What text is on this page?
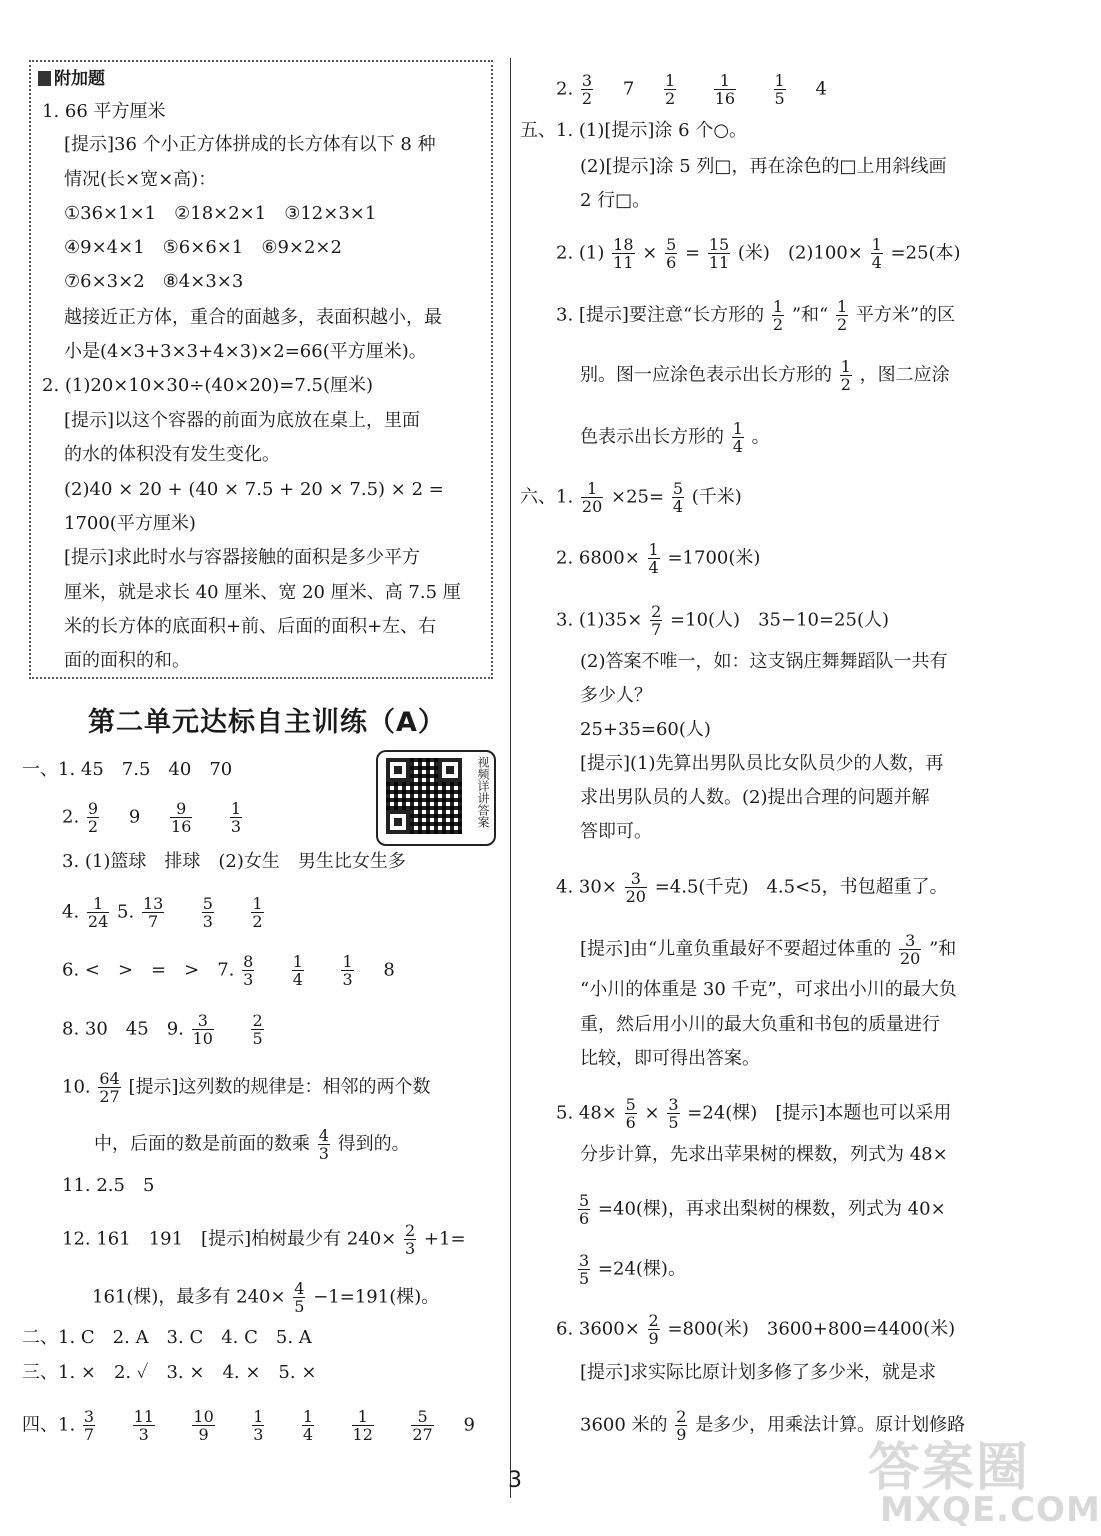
附加题
1. 66 平方厘米
[提示]36 个小正方体拼成的长方体有以下 8 种
情况(长×宽×高)：
①36×1×1　②18×2×1　③12×3×1
④9×4×1　⑤6×6×1　⑥9×2×2
⑦6×3×2　⑧4×3×3
越接近正方体，重合的面越多，表面积越小，最
小是(4×3+3×3+4×3)×2=66(平方厘米)。
2. (1)20×10×30÷(40×20)=7.5(厘米)
[提示]以这个容器的前面为底放在桌上，里面
的水的体积没有发生变化。
(2)40 × 20 + (40 × 7.5 + 20 × 7.5) × 2 =
1700(平方厘米)
[提示]求此时水与容器接触的面积是多少平方
厘米，就是求长 40 厘米、宽 20 厘米、高 7.5 厘
米的长方体的底面积+前、后面的面积+左、右
面的面积的和。
第二单元达标自主训练（A）
视频详讲答案
一、1. 45　7.5　40　70
2. $\frac{9}{2} 9 \frac{9}{16}$
$\frac{1}{3}$
3. (1)篮球　排球　(2)女生　男生比女生多
4. $\frac{1}{24} 5$. $\frac{13}{7}$
$\frac{5}{3}$
$\frac{1}{2}$
6. <　>　=　>　7. $\frac{8}{3}$
$\frac{1}{4}$
$\frac{1}{3} 8$
8. 30　45　9. $\frac{3}{10}$
$\frac{2}{5}$
10. $\frac{64}{27}$ [提示]这列数的规律是：相邻的两个数
中，后面的数是前面的数乘 $\frac{4}{3}$ 得到的。
11. 2.5　5
12. 161　191　[提示]柏树最少有 $240\times \frac{2}{3} +1=$
161(棵)，最多有 $240\times \frac{4}{5} -1=191$(棵)。
二、1. C　2. A　3. C　4. C　5. A
三、1. ×　2. ✓　3. ×　4. ×　5. ×
四、1. $\frac{3}{7}$
$\frac{11}{3}$
$\frac{10}{9}$
$\frac{1}{3}$
$\frac{1}{4}$
$\frac{1}{12}$
$\frac{5}{27} 9$
2. $\frac{3}{2} 7 \frac{1}{2}$
$\frac{1}{16}$
$\frac{1}{5} 4$
五、1. (1)[提示]涂 6 个○。
(2)[提示]涂 5 列□，再在涂色的□上用斜线画
2 行□。
2. $(1) \frac{18}{11} \times \frac{5}{6} = \frac{15}{11}$ (米)　$(2)100\times \frac{1}{4} =25$(本)
3. [提示]要注意“长方形的 $\frac{1}{2}$ ”和“ $\frac{1}{2}$ 平方米”的区
别。图一应涂色表示出长方形的 $\frac{1}{2}$ ，图二应涂
色表示出长方形的 $\frac{1}{4}$ 。
六、1. $\frac{1}{20} \times 25= \frac{5}{4}$ (千米)
2. $6800\times \frac{1}{4} =1700$(米)
3. $(1)35\times \frac{2}{7} =10$(人)　35−10=25(人)
(2)答案不唯一，如：这支锅庄舞舞蹈队一共有
多少人？
25+35=60(人)
[提示](1)先算出男队员比女队员少的人数，再
求出男队员的人数。(2)提出合理的问题并解
答即可。
4. $30\times \frac{3}{20} =4.5$(千克)　4.5<5，书包超重了。
[提示]由“儿童负重最好不要超过体重的 $\frac{3}{20}$ ”和
“小川的体重是 30 千克”，可求出小川的最大负
重，然后用小川的最大负重和书包的质量进行
比较，即可得出答案。
5. $48\times \frac{5}{6} \times \frac{3}{5} =24$(棵)　[提示]本题也可以采用
分步计算，先求出苹果树的棵数，列式为 48×
$\frac{5}{6} =40$(棵)，再求出梨树的棵数，列式为 40×
$\frac{3}{5} =24$(棵)。
6. $3600\times \frac{2}{9} =800$(米)　3600+800=4400(米)
[提示]求实际比原计划多修了多少米，就是求
3600 米的 $\frac{2}{9}$ 是多少，用乘法计算。原计划修路
3	答案圈
MXQE.COM
